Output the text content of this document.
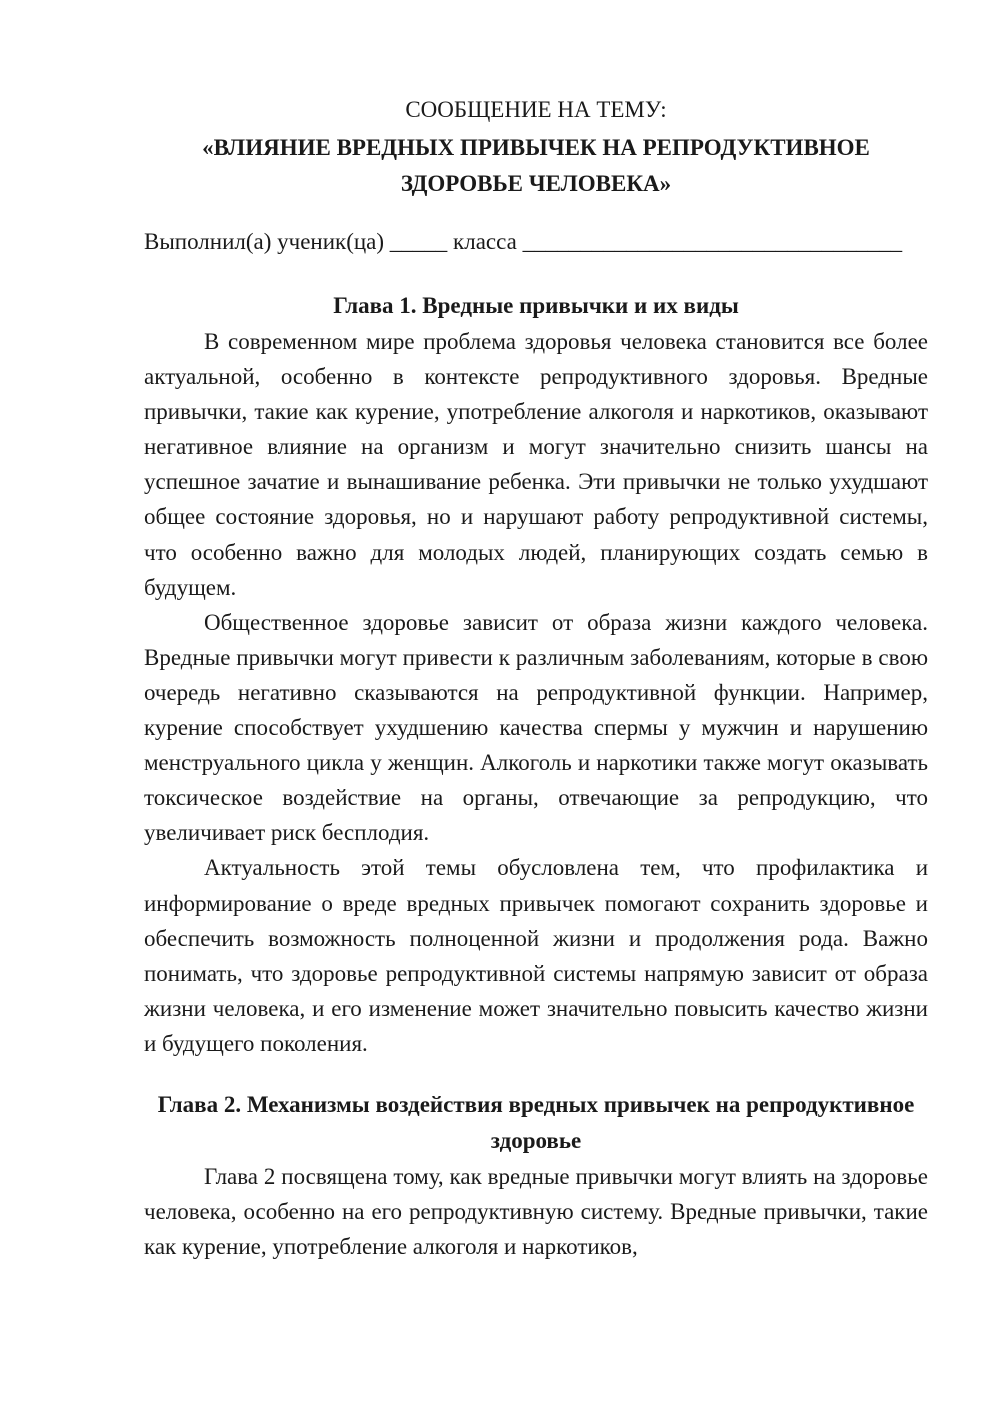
СООБЩЕНИЕ НА ТЕМУ:
«ВЛИЯНИЕ ВРЕДНЫХ ПРИВЫЧЕК НА РЕПРОДУКТИВНОЕ
ЗДОРОВЬЕ ЧЕЛОВЕКА»
Выполнил(а) ученик(ца) _____ класса _________________________________
Глава 1. Вредные привычки и их виды

В современном мире проблема здоровья человека становится все более актуальной, особенно в контексте репродуктивного здоровья. Вредные привычки, такие как курение, употребление алкоголя и наркотиков, оказывают негативное влияние на организм и могут значительно снизить шансы на успешное зачатие и вынашивание ребенка. Эти привычки не только ухудшают общее состояние здоровья, но и нарушают работу репродуктивной системы, что особенно важно для молодых людей, планирующих создать семью в будущем.

Общественное здоровье зависит от образа жизни каждого человека. Вредные привычки могут привести к различным заболеваниям, которые в свою очередь негативно сказываются на репродуктивной функции. Например, курение способствует ухудшению качества спермы у мужчин и нарушению менструального цикла у женщин. Алкоголь и наркотики также могут оказывать токсическое воздействие на органы, отвечающие за репродукцию, что увеличивает риск бесплодия.

Актуальность этой темы обусловлена тем, что профилактика и информирование о вреде вредных привычек помогают сохранить здоровье и обеспечить возможность полноценной жизни и продолжения рода. Важно понимать, что здоровье репродуктивной системы напрямую зависит от образа жизни человека, и его изменение может значительно повысить качество жизни и будущего поколения.

Глава 2. Механизмы воздействия вредных привычек на репродуктивное
здоровье

Глава 2 посвящена тому, как вредные привычки могут влиять на здоровье человека, особенно на его репродуктивную систему. Вредные привычки, такие как курение, употребление алкоголя и наркотиков,
